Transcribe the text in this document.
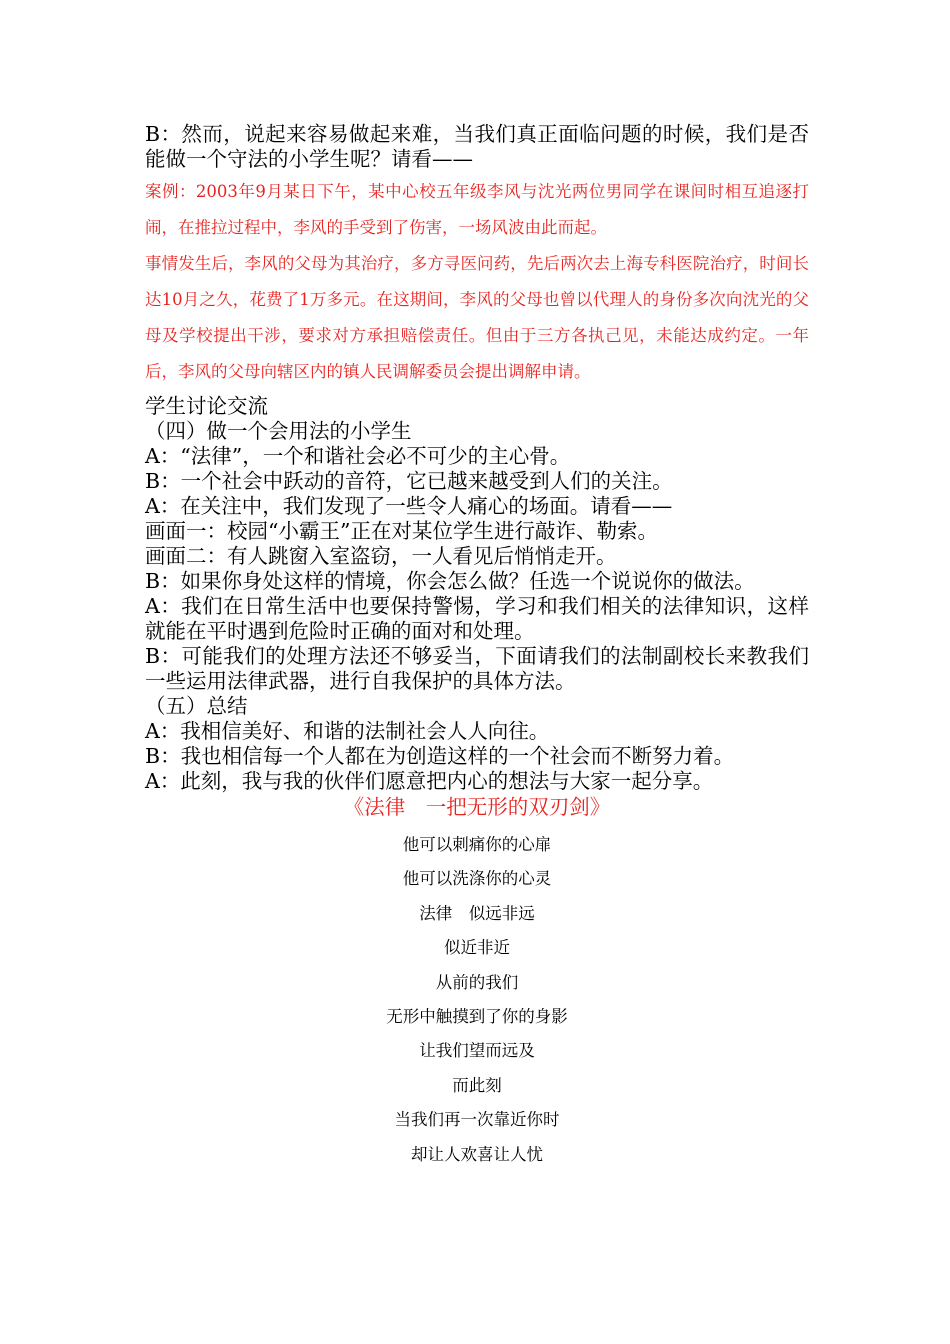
B：然而，说起来容易做起来难，当我们真正面临问题的时候，我们是否能做一个守法的小学生呢？请看——

案例：2003年9月某日下午，某中心校五年级李风与沈光两位男同学在课间时相互追逐打闹，在推拉过程中，李风的手受到了伤害，一场风波由此而起。

事情发生后，李风的父母为其治疗，多方寻医问药，先后两次去上海专科医院治疗，时间长达10月之久，花费了1万多元。在这期间，李风的父母也曾以代理人的身份多次向沈光的父母及学校提出干涉，要求对方承担赔偿责任。但由于三方各执己见，未能达成约定。一年后，李风的父母向辖区内的镇人民调解委员会提出调解申请。

学生讨论交流

（四）做一个会用法的小学生

A：“法律”，一个和谐社会必不可少的主心骨。

B：一个社会中跃动的音符，它已越来越受到人们的关注。

A：在关注中，我们发现了一些令人痛心的场面。请看——

画面一：校园“小霸王”正在对某位学生进行敲诈、勒索。

画面二：有人跳窗入室盗窃，一人看见后悄悄走开。

B：如果你身处这样的情境，你会怎么做？任选一个说说你的做法。

A：我们在日常生活中也要保持警惕，学习和我们相关的法律知识，这样就能在平时遇到危险时正确的面对和处理。

B：可能我们的处理方法还不够妥当，下面请我们的法制副校长来教我们一些运用法律武器，进行自我保护的具体方法。

（五）总结

A：我相信美好、和谐的法制社会人人向往。

B：我也相信每一个人都在为创造这样的一个社会而不断努力着。

A：此刻，我与我的伙伴们愿意把内心的想法与大家一起分享。

《法律　一把无形的双刃剑》

他可以刺痛你的心扉

他可以洗涤你的心灵

法律　似远非远

似近非近

从前的我们

无形中触摸到了你的身影

让我们望而远及

而此刻

当我们再一次靠近你时

却让人欢喜让人忧
